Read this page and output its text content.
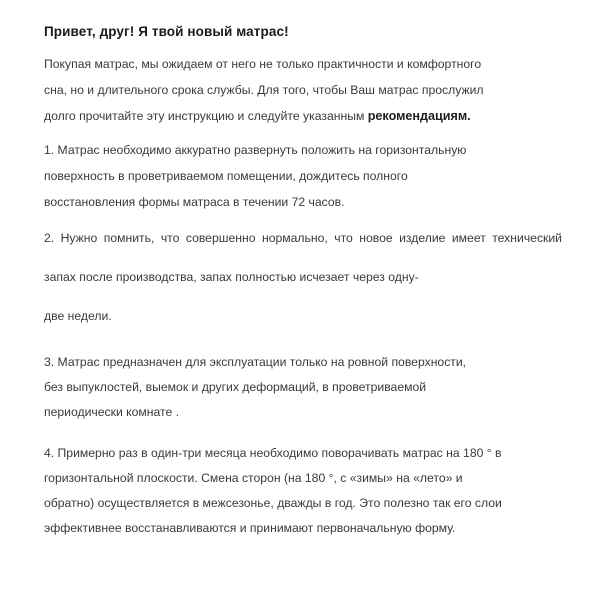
Привет, друг! Я твой новый матрас!

Покупая матрас, мы ожидаем от него не только практичности и комфортного сна, но и длительного срока службы. Для того, чтобы Ваш матрас прослужил долго прочитайте эту инструкцию и следуйте указанным рекомендациям.

1. Матрас необходимо аккуратно развернуть положить на горизонтальную поверхность в проветриваемом помещении, дождитесь полного восстановления формы матраса в течении 72 часов.

2. Нужно помнить, что совершенно нормально, что новое изделие имеет технический запах после производства, запах полностью исчезает через одну-
две недели.

3. Матрас предназначен для эксплуатации только на ровной поверхности, без выпуклостей, выемок и других деформаций, в проветриваемой периодически комнате .

4. Примерно раз в один-три месяца необходимо поворачивать матрас на 180 ° в горизонтальной плоскости. Смена сторон (на 180 °, с «зимы» на «лето» и обратно) осуществляется в межсезонье, дважды в год. Это полезно так его слои эффективнее восстанавливаются и принимают первоначальную форму.
